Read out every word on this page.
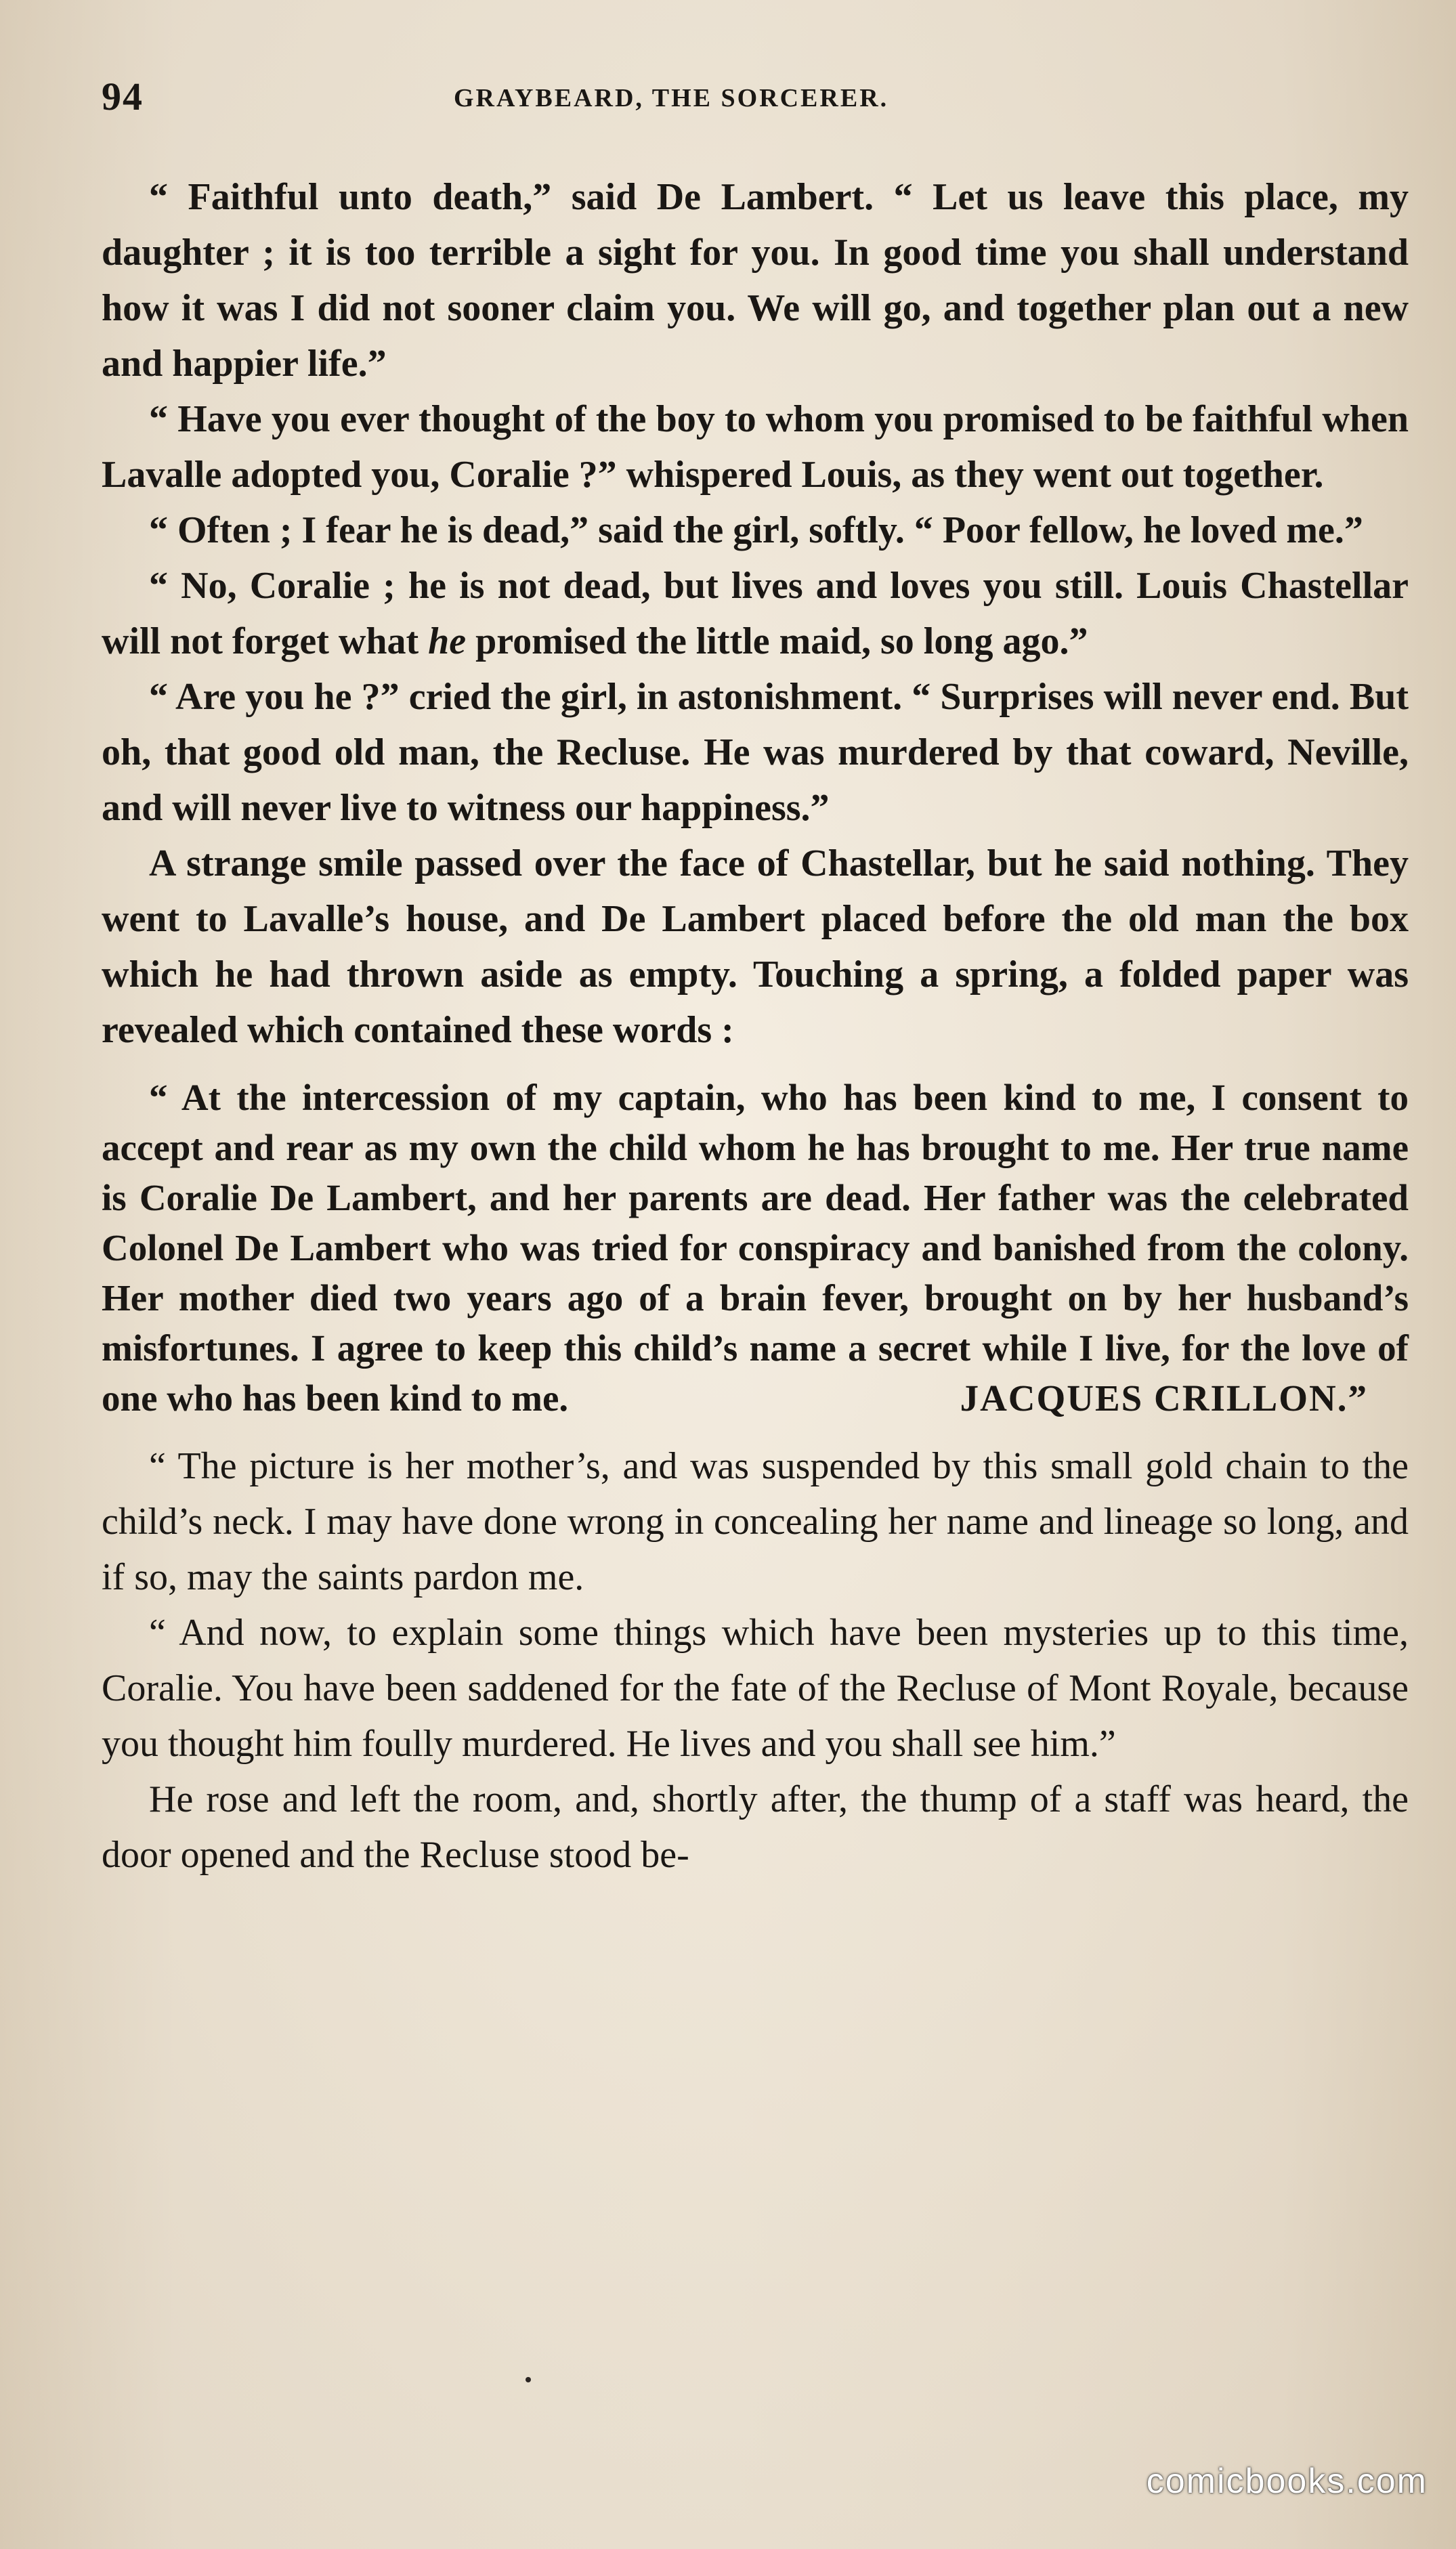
94	GRAYBEARD, THE SORCERER.

“ Faithful unto death,” said De Lambert. “ Let us leave this place, my daughter ; it is too terrible a sight for you. In good time you shall understand how it was I did not sooner claim you. We will go, and together plan out a new and happier life.”

“ Have you ever thought of the boy to whom you promised to be faithful when Lavalle adopted you, Coralie ?” whispered Louis, as they went out together.

“ Often ; I fear he is dead,” said the girl, softly. “ Poor fellow, he loved me.”

“ No, Coralie ; he is not dead, but lives and loves you still. Louis Chastellar will not forget what he promised the little maid, so long ago.”

“ Are you he ?” cried the girl, in astonishment. “ Surprises will never end. But oh, that good old man, the Recluse. He was murdered by that coward, Neville, and will never live to witness our happiness.”

A strange smile passed over the face of Chastellar, but he said nothing. They went to Lavalle’s house, and De Lambert placed before the old man the box which he had thrown aside as empty. Touching a spring, a folded paper was revealed which contained these words :

“ At the intercession of my captain, who has been kind to me, I consent to accept and rear as my own the child whom he has brought to me. Her true name is Coralie De Lambert, and her parents are dead. Her father was the celebrated Colonel De Lambert who was tried for conspiracy and banished from the colony. Her mother died two years ago of a brain fever, brought on by her husband’s misfortunes. I agree to keep this child’s name a secret while I live, for the love of one who has been kind to me.	JACQUES CRILLON.”

“ The picture is her mother’s, and was suspended by this small gold chain to the child’s neck. I may have done wrong in concealing her name and lineage so long, and if so, may the saints pardon me.

“ And now, to explain some things which have been mysteries up to this time, Coralie. You have been saddened for the fate of the Recluse of Mont Royale, because you thought him foully murdered. He lives and you shall see him.”

He rose and left the room, and, shortly after, the thump of a staff was heard, the door opened and the Recluse stood be-

comicbooks.com
